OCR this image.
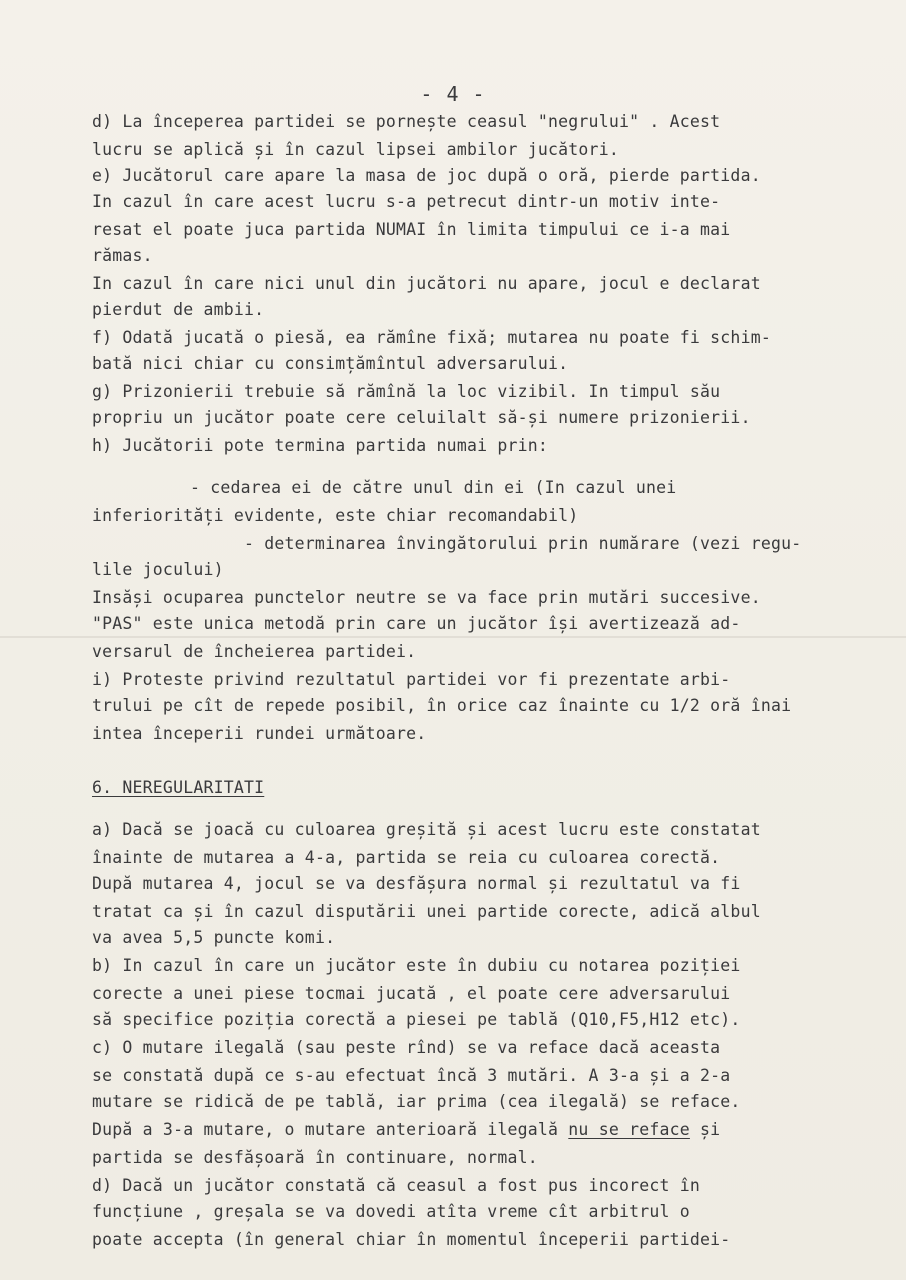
- 4 -
d) La începerea partidei se pornește ceasul "negrului" . Acest
lucru se aplică și în cazul lipsei ambilor jucători.
e) Jucătorul care apare la masa de joc după o oră, pierde partida.
In cazul în care acest lucru s-a petrecut dintr-un motiv inte-
resat el poate juca partida NUMAI în limita timpului ce i-a mai
rămas.
In cazul în care nici unul din jucători nu apare, jocul e declarat
pierdut de ambii.
f) Odată jucată o piesă, ea rămîne fixă; mutarea nu poate fi schim-
bată nici chiar cu consimțămîntul adversarului.
g) Prizonierii trebuie să rămînă la loc vizibil. In timpul său
propriu un jucător poate cere celuilalt să-și numere prizonierii.
h) Jucătorii pote termina partida numai prin:
- cedarea ei de către unul din ei (In cazul unei
inferiorități evidente, este chiar recomandabil)
- determinarea învingătorului prin numărare (vezi regu-
lile jocului)
Insăși ocuparea punctelor neutre se va face prin mutări succesive.
"PAS" este unica metodă prin care un jucător își avertizează ad-
versarul de încheierea partidei.
i) Proteste privind rezultatul partidei vor fi prezentate arbi-
trului pe cît de repede posibil, în orice caz înainte cu 1/2 oră înai
intea începerii rundei următoare.
6. NEREGULARITATI
a) Dacă se joacă cu culoarea greșită și acest lucru este constatat
înainte de mutarea a 4-a, partida se reia cu culoarea corectă.
După mutarea 4, jocul se va desfășura normal și rezultatul va fi
tratat ca și în cazul disputării unei partide corecte, adică albul
va avea 5,5 puncte komi.
b) In cazul în care un jucător este în dubiu cu notarea poziției
corecte a unei piese tocmai jucată , el poate cere adversarului
să specifice poziția corectă a piesei pe tablă (Q10,F5,H12 etc).
c) O mutare ilegală (sau peste rînd) se va reface dacă aceasta
se constată după ce s-au efectuat încă 3 mutări. A 3-a și a 2-a
mutare se ridică de pe tablă, iar prima (cea ilegală) se reface.
După a 3-a mutare, o mutare anterioară ilegală nu se reface și
partida se desfășoară în continuare, normal.
d) Dacă un jucător constată că ceasul a fost pus incorect în
funcțiune , greșala se va dovedi atîta vreme cît arbitrul o
poate accepta (în general chiar în momentul începerii partidei-
